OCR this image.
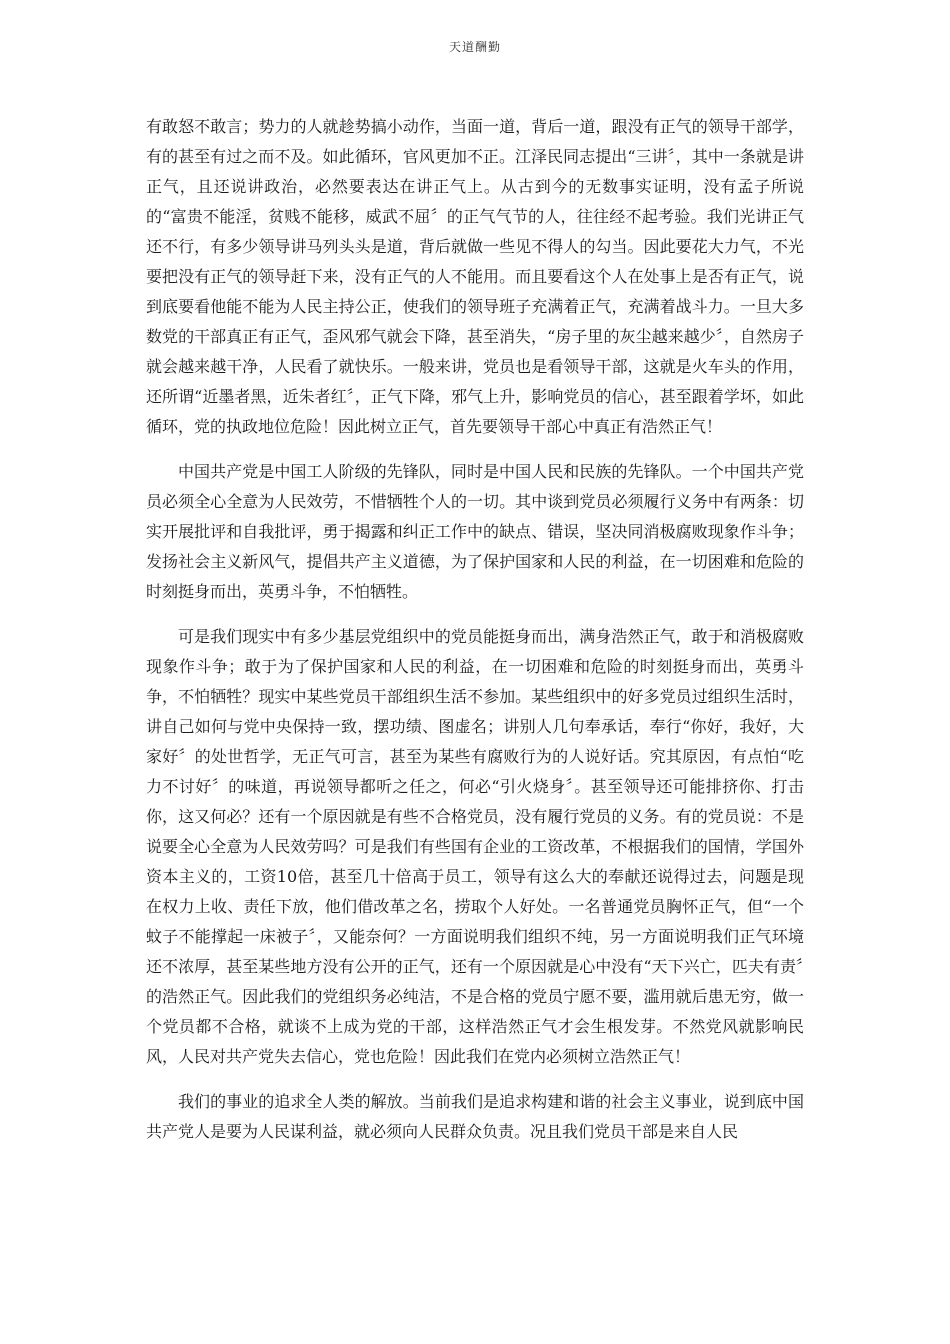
天道酬勤

有敢怒不敢言；势力的人就趁势搞小动作，当面一道，背后一道，跟没有正气的领导干部学，有的甚至有过之而不及。如此循环，官风更加不正。江泽民同志提出“三讲〞，其中一条就是讲正气，且还说讲政治，必然要表达在讲正气上。从古到今的无数事实证明，没有孟子所说的“富贵不能淫，贫贱不能移，威武不屈〞的正气气节的人，往往经不起考验。我们光讲正气还不行，有多少领导讲马列头头是道，背后就做一些见不得人的勾当。因此要花大力气，不光要把没有正气的领导赶下来，没有正气的人不能用。而且要看这个人在处事上是否有正气，说到底要看他能不能为人民主持公正，使我们的领导班子充满着正气，充满着战斗力。一旦大多数党的干部真正有正气，歪风邪气就会下降，甚至消失，“房子里的灰尘越来越少〞，自然房子就会越来越干净，人民看了就快乐。一般来讲，党员也是看领导干部，这就是火车头的作用，还所谓“近墨者黑，近朱者红〞，正气下降，邪气上升，影响党员的信心，甚至跟着学坏，如此循环，党的执政地位危险！因此树立正气，首先要领导干部心中真正有浩然正气！

中国共产党是中国工人阶级的先锋队，同时是中国人民和民族的先锋队。一个中国共产党员必须全心全意为人民效劳，不惜牺牲个人的一切。其中谈到党员必须履行义务中有两条：切实开展批评和自我批评，勇于揭露和纠正工作中的缺点、错误，坚决同消极腐败现象作斗争；发扬社会主义新风气，提倡共产主义道德，为了保护国家和人民的利益，在一切困难和危险的时刻挺身而出，英勇斗争，不怕牺牲。

可是我们现实中有多少基层党组织中的党员能挺身而出，满身浩然正气，敢于和消极腐败现象作斗争；敢于为了保护国家和人民的利益，在一切困难和危险的时刻挺身而出，英勇斗争，不怕牺牲？现实中某些党员干部组织生活不参加。某些组织中的好多党员过组织生活时，讲自己如何与党中央保持一致，摆功绩、图虚名；讲别人几句奉承话，奉行“你好，我好，大家好〞的处世哲学，无正气可言，甚至为某些有腐败行为的人说好话。究其原因，有点怕“吃力不讨好〞的味道，再说领导都听之任之，何必“引火烧身〞。甚至领导还可能排挤你、打击你，这又何必？还有一个原因就是有些不合格党员，没有履行党员的义务。有的党员说：不是说要全心全意为人民效劳吗？可是我们有些国有企业的工资改革，不根据我们的国情，学国外资本主义的，工资10倍，甚至几十倍高于员工，领导有这么大的奉献还说得过去，问题是现在权力上收、责任下放，他们借改革之名，捞取个人好处。一名普通党员胸怀正气，但“一个蚊子不能撑起一床被子〞，又能奈何？一方面说明我们组织不纯，另一方面说明我们正气环境还不浓厚，甚至某些地方没有公开的正气，还有一个原因就是心中没有“天下兴亡，匹夫有责〞的浩然正气。因此我们的党组织务必纯洁，不是合格的党员宁愿不要，滥用就后患无穷，做一个党员都不合格，就谈不上成为党的干部，这样浩然正气才会生根发芽。不然党风就影响民风，人民对共产党失去信心，党也危险！因此我们在党内必须树立浩然正气！

我们的事业的追求全人类的解放。当前我们是追求构建和谐的社会主义事业，说到底中国共产党人是要为人民谋利益，就必须向人民群众负责。况且我们党员干部是来自人民
